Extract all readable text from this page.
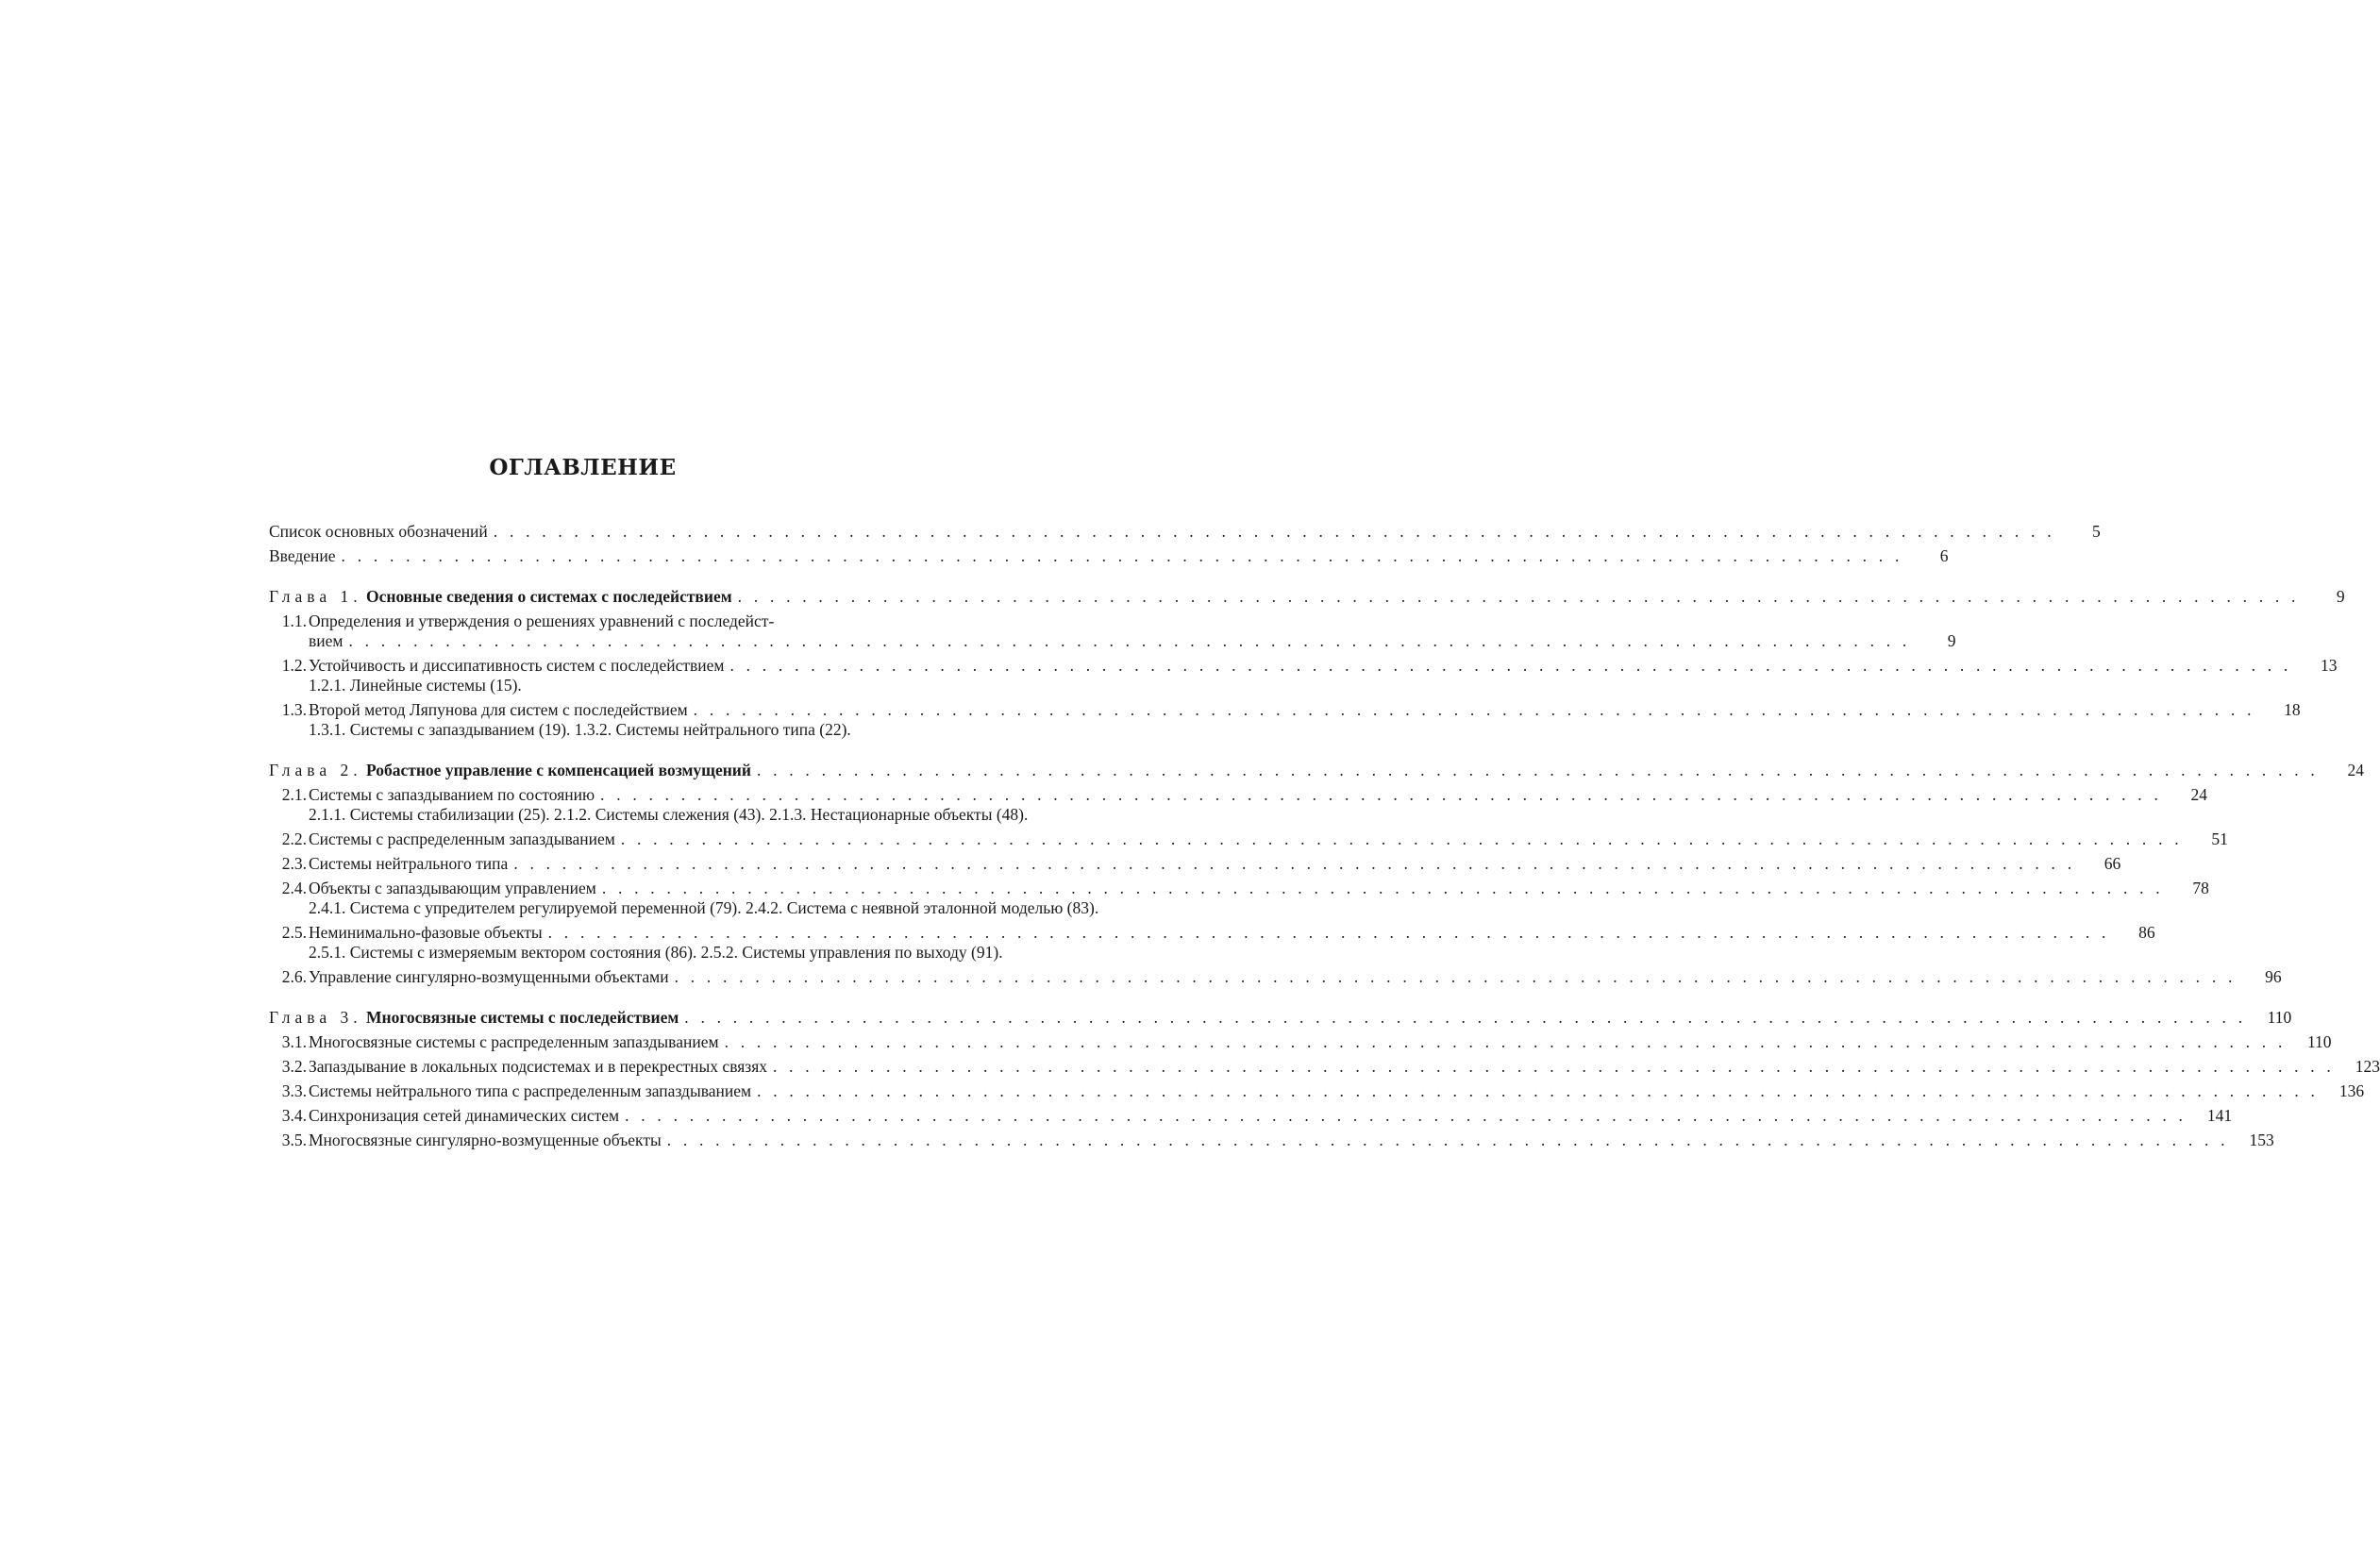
ОГЛАВЛЕНИЕ
Список основных обозначений . . .	5
Введение . . .	6
Глава 1. Основные сведения о системах с последействием . . .	9
1.1. Определения и утверждения о решениях уравнений с последейст-
вием . . .	9
1.2. Устойчивость и диссипативность систем с последействием . . .	13
1.2.1. Линейные системы (15).
1.3. Второй метод Ляпунова для систем с последействием . . .	18
1.3.1. Системы с запаздыванием (19). 1.3.2. Системы нейтрального типа (22).
Глава 2. Робастное управление с компенсацией возмущений . . .	24
2.1. Системы с запаздыванием по состоянию . . .	24
2.1.1. Системы стабилизации (25). 2.1.2. Системы слежения (43). 2.1.3. Нестационарные объекты (48).
2.2. Системы с распределенным запаздыванием . . .	51
2.3. Системы нейтрального типа . . .	66
2.4. Объекты с запаздывающим управлением . . .	78
2.4.1. Система с упредителем регулируемой переменной (79). 2.4.2. Система с неявной эталонной моделью (83).
2.5. Неминимально-фазовые объекты . . .	86
2.5.1. Системы с измеряемым вектором состояния (86). 2.5.2. Системы управления по выходу (91).
2.6. Управление сингулярно-возмущенными объектами . . .	96
Глава 3. Многосвязные системы с последействием . . .	110
3.1. Многосвязные системы с распределенным запаздыванием . . .	110
3.2. Запаздывание в локальных подсистемах и в перекрестных связях . . .	123
3.3. Системы нейтрального типа с распределенным запаздыванием . . .	136
3.4. Синхронизация сетей динамических систем . . .	141
3.5. Многосвязные сингулярно-возмущенные объекты . . .	153
